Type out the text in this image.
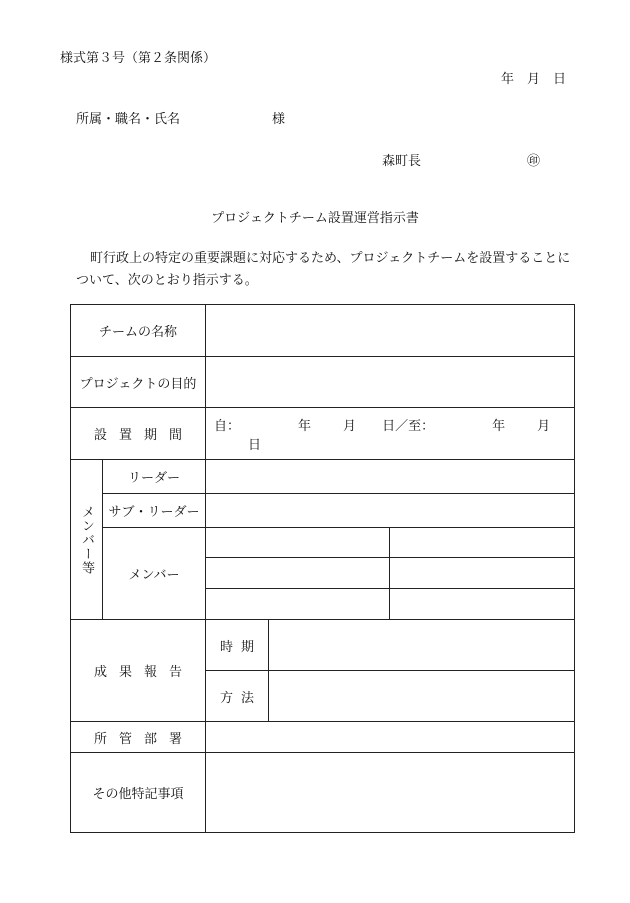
様式第３号（第２条関係）
年　月　日
所属・職名・氏名	様
森町長	㊞
プロジェクトチーム設置運営指示書
町行政上の特定の重要課題に対応するため、プロジェクトチームを設置することについて、次のとおり指示する。
チームの名称				
プロジェクトの目的				
設置期間		自： 年 月 日／至： 年 月日		
メンバー等	リーダー			
	サブ・リーダー			
	メンバー			

成果報告		時期		
		方法		
所管部署				
その他特記事項				
